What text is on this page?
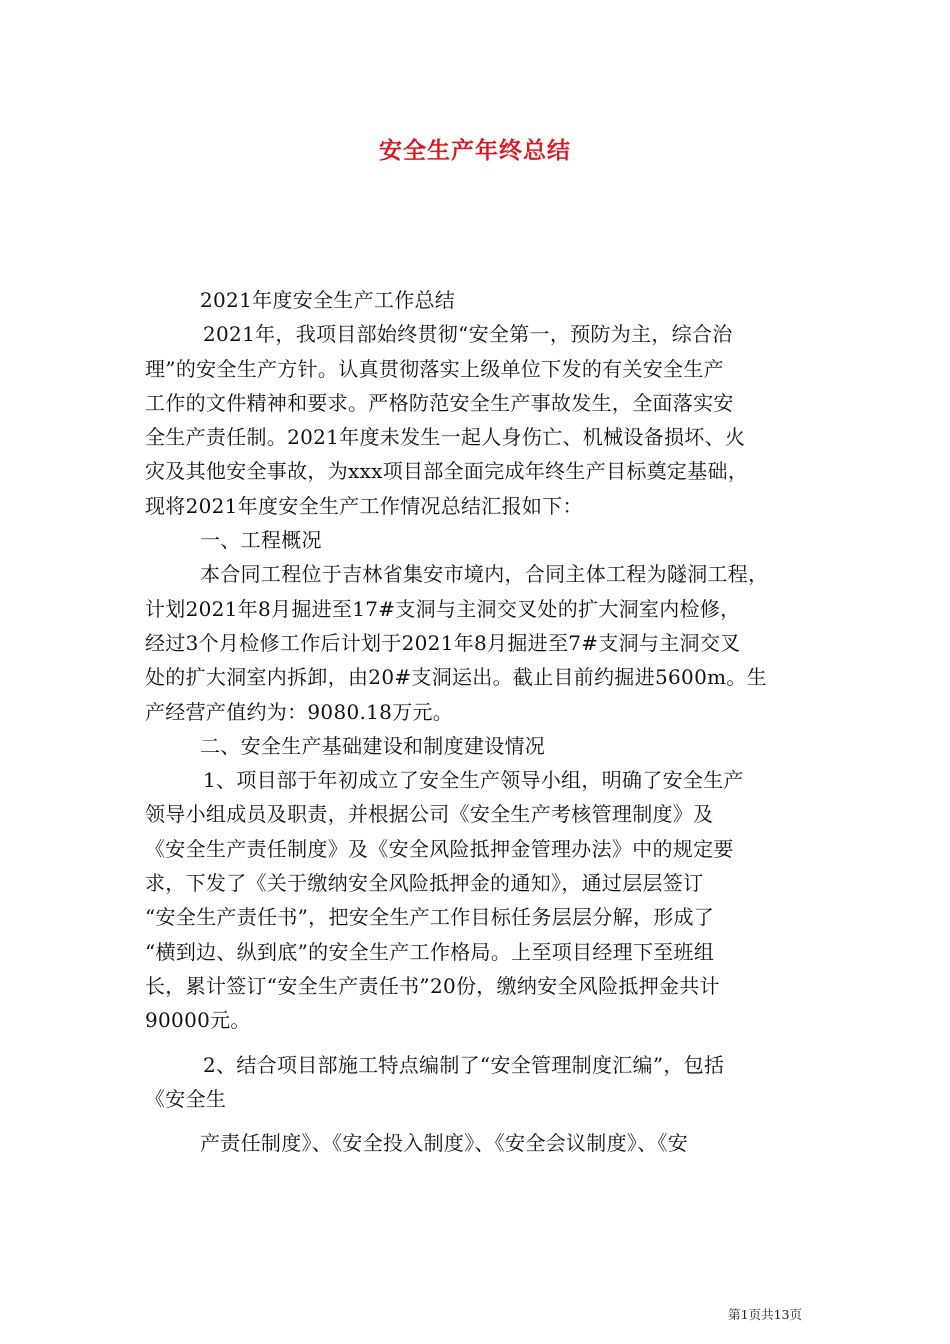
安全生产年终总结
2021年度安全生产工作总结
2021年，我项目部始终贯彻“安全第一，预防为主，综合治
理”的安全生产方针。认真贯彻落实上级单位下发的有关安全生产
工作的文件精神和要求。严格防范安全生产事故发生，全面落实安
全生产责任制。2021年度未发生一起人身伤亡、机械设备损坏、火
灾及其他安全事故，为xxx项目部全面完成年终生产目标奠定基础，
现将2021年度安全生产工作情况总结汇报如下：
一、工程概况
本合同工程位于吉林省集安市境内，合同主体工程为隧洞工程，
计划2021年8月掘进至17#支洞与主洞交叉处的扩大洞室内检修，
经过3个月检修工作后计划于2021年8月掘进至7#支洞与主洞交叉
处的扩大洞室内拆卸，由20#支洞运出。截止目前约掘进5600m。生
产经营产值约为：9080.18万元。
二、安全生产基础建设和制度建设情况
1、项目部于年初成立了安全生产领导小组，明确了安全生产
领导小组成员及职责，并根据公司《安全生产考核管理制度》及
《安全生产责任制度》及《安全风险抵押金管理办法》中的规定要
求，下发了《关于缴纳安全风险抵押金的通知》，通过层层签订
“安全生产责任书”，把安全生产工作目标任务层层分解，形成了
“横到边、纵到底”的安全生产工作格局。上至项目经理下至班组
长，累计签订“安全生产责任书”20份，缴纳安全风险抵押金共计
90000元。
2、结合项目部施工特点编制了“安全管理制度汇编”，包括
《安全生
产责任制度》、《安全投入制度》、《安全会议制度》、《安
第1页共13页
